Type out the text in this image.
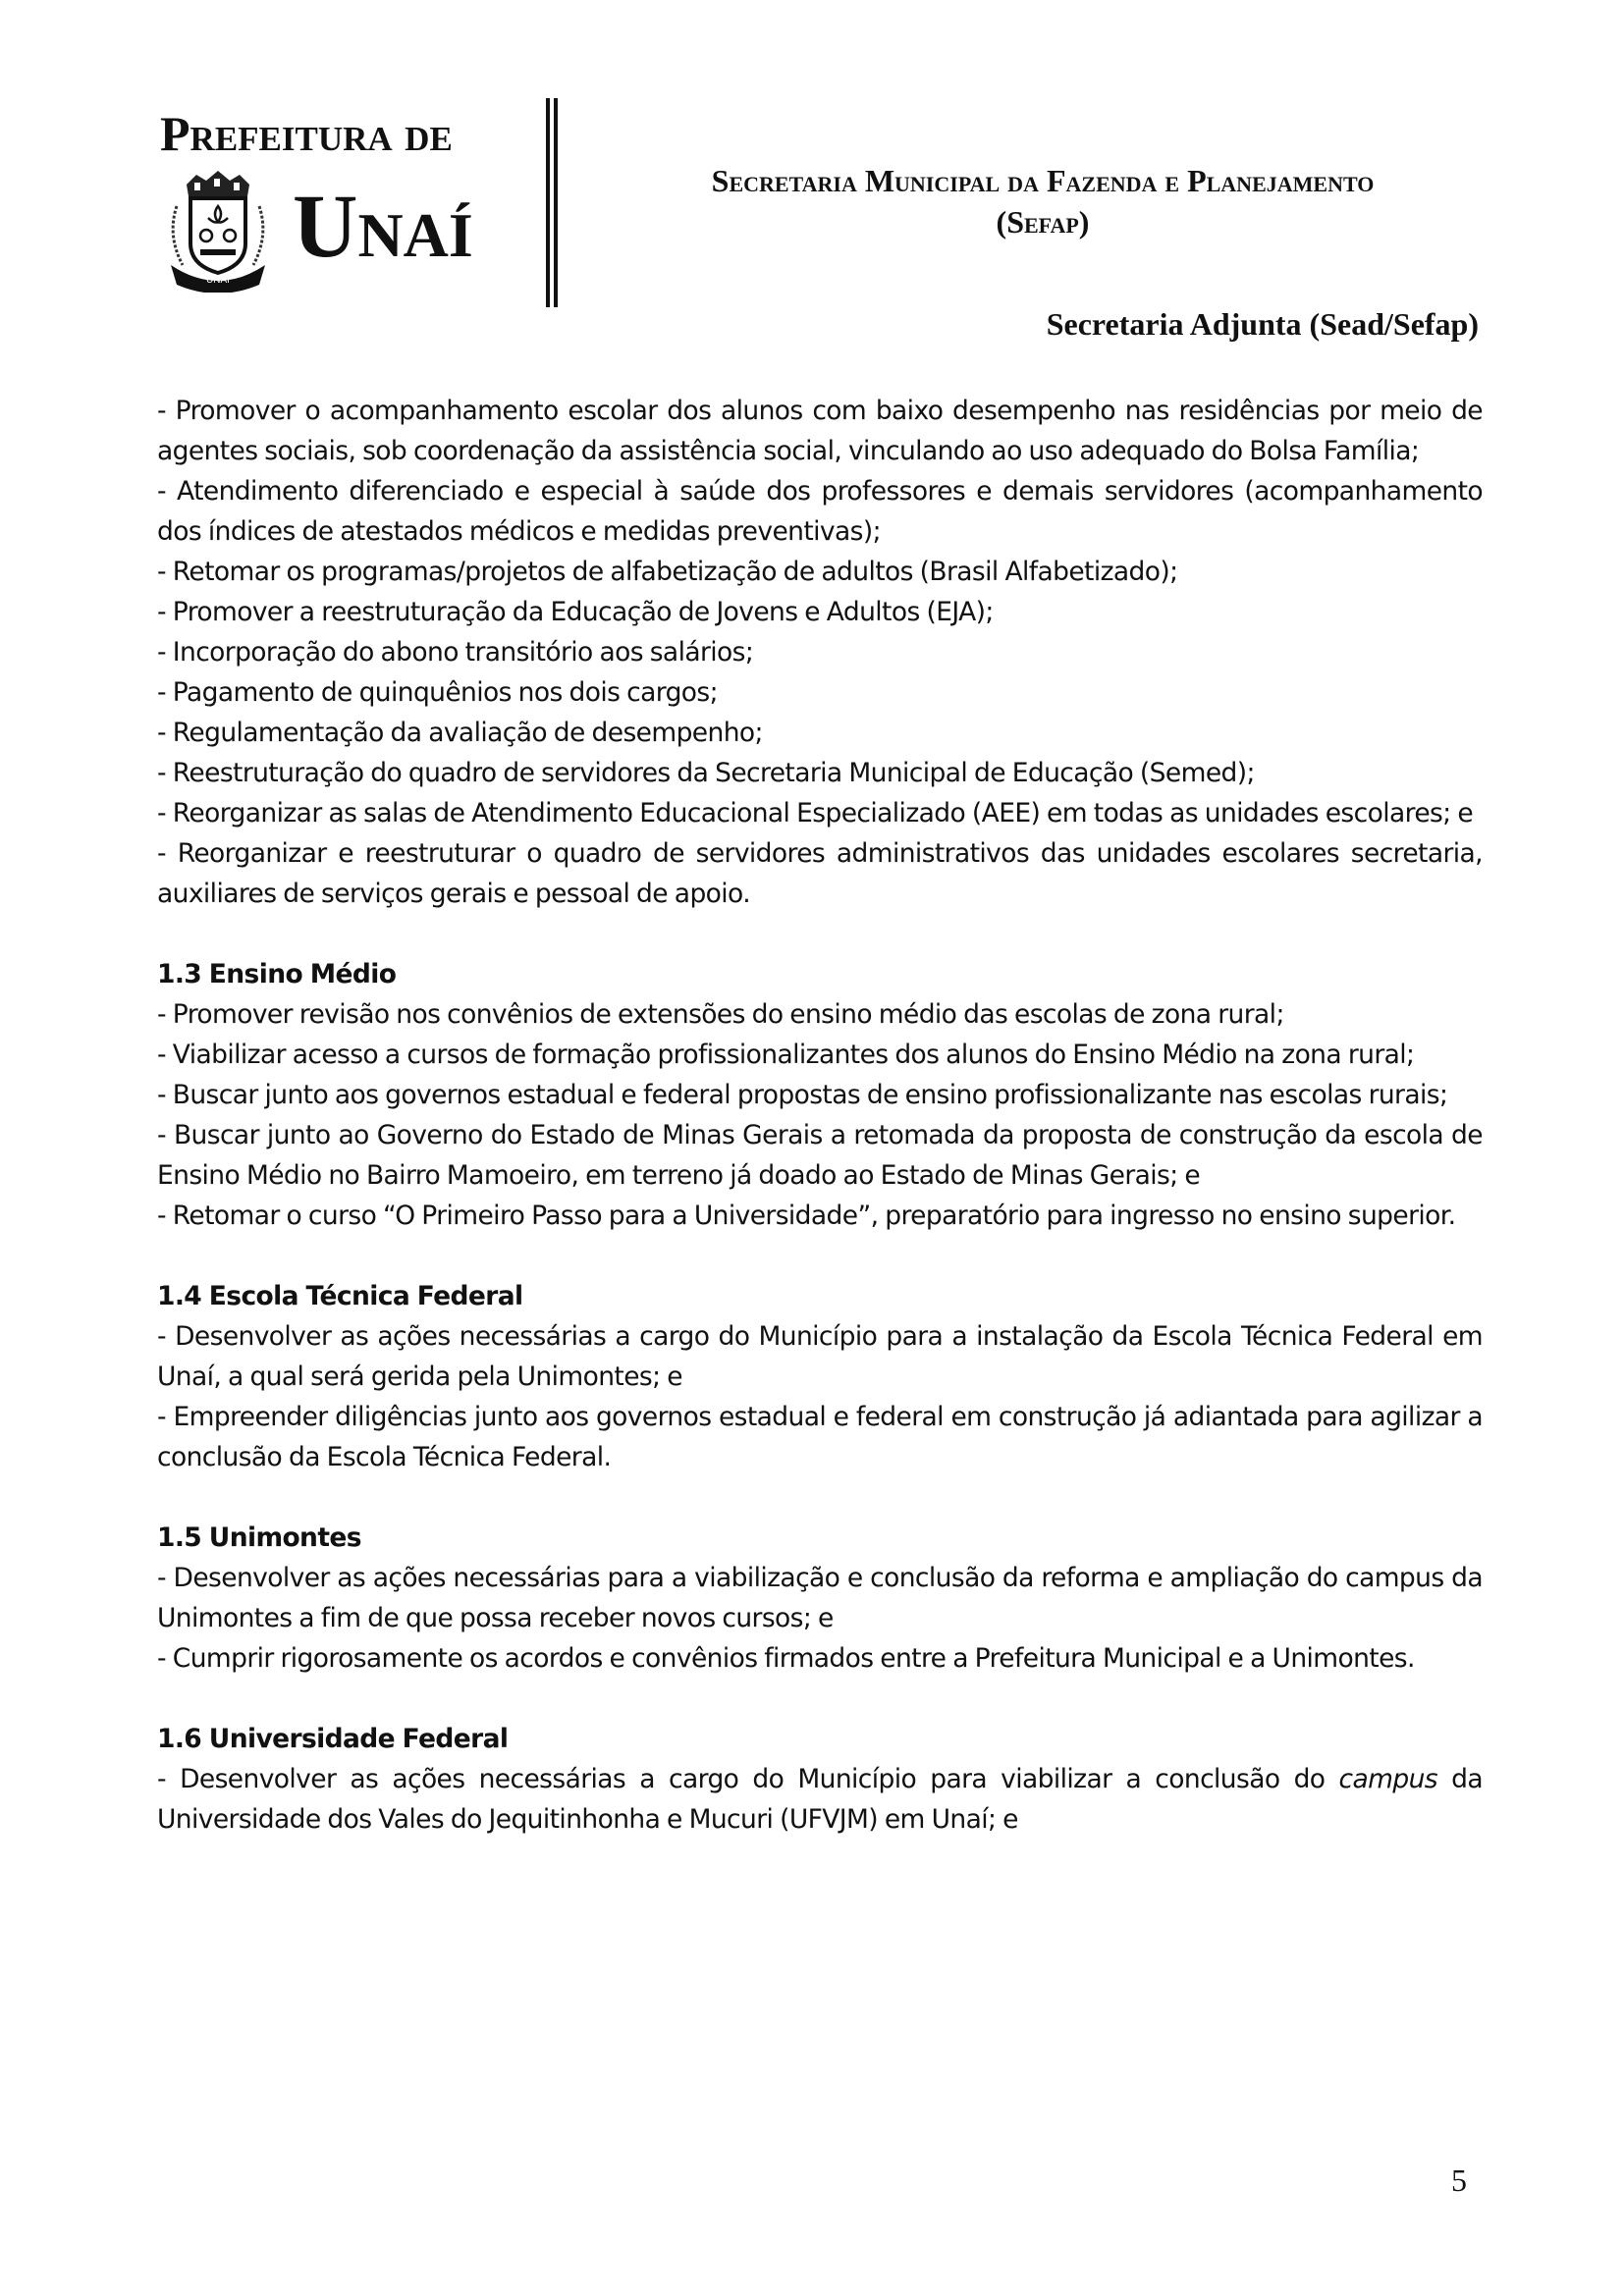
Prefeitura de
UNAÍ
Unaí	Secretaria Municipal da Fazenda e Planejamento
(Sefap)
Secretaria Adjunta (Sead/Sefap)

- Promover o acompanhamento escolar dos alunos com baixo desempenho nas residências por meio de agentes sociais, sob coordenação da assistência social, vinculando ao uso adequado do Bolsa Família;

- Atendimento diferenciado e especial à saúde dos professores e demais servidores (acompanhamento dos índices de atestados médicos e medidas preventivas);

- Retomar os programas/projetos de alfabetização de adultos (Brasil Alfabetizado);

- Promover a reestruturação da Educação de Jovens e Adultos (EJA);

- Incorporação do abono transitório aos salários;

- Pagamento de quinquênios nos dois cargos;

- Regulamentação da avaliação de desempenho;

- Reestruturação do quadro de servidores da Secretaria Municipal de Educação (Semed);

- Reorganizar as salas de Atendimento Educacional Especializado (AEE) em todas as unidades escolares; e

- Reorganizar e reestruturar o quadro de servidores administrativos das unidades escolares secretaria, auxiliares de serviços gerais e pessoal de apoio.

1.3 Ensino Médio

- Promover revisão nos convênios de extensões do ensino médio das escolas de zona rural;

- Viabilizar acesso a cursos de formação profissionalizantes dos alunos do Ensino Médio na zona rural;

- Buscar junto aos governos estadual e federal propostas de ensino profissionalizante nas escolas rurais;

- Buscar junto ao Governo do Estado de Minas Gerais a retomada da proposta de construção da escola de Ensino Médio no Bairro Mamoeiro, em terreno já doado ao Estado de Minas Gerais; e

- Retomar o curso “O Primeiro Passo para a Universidade”, preparatório para ingresso no ensino superior.

1.4 Escola Técnica Federal

- Desenvolver as ações necessárias a cargo do Município para a instalação da Escola Técnica Federal em Unaí, a qual será gerida pela Unimontes; e

- Empreender diligências junto aos governos estadual e federal em construção já adiantada para agilizar a conclusão da Escola Técnica Federal.

1.5 Unimontes

- Desenvolver as ações necessárias para a viabilização e conclusão da reforma e ampliação do campus da Unimontes a fim de que possa receber novos cursos; e

- Cumprir rigorosamente os acordos e convênios firmados entre a Prefeitura Municipal e a Unimontes.

1.6 Universidade Federal

- Desenvolver as ações necessárias a cargo do Município para viabilizar a conclusão do campus da Universidade dos Vales do Jequitinhonha e Mucuri (UFVJM) em Unaí; e

5
